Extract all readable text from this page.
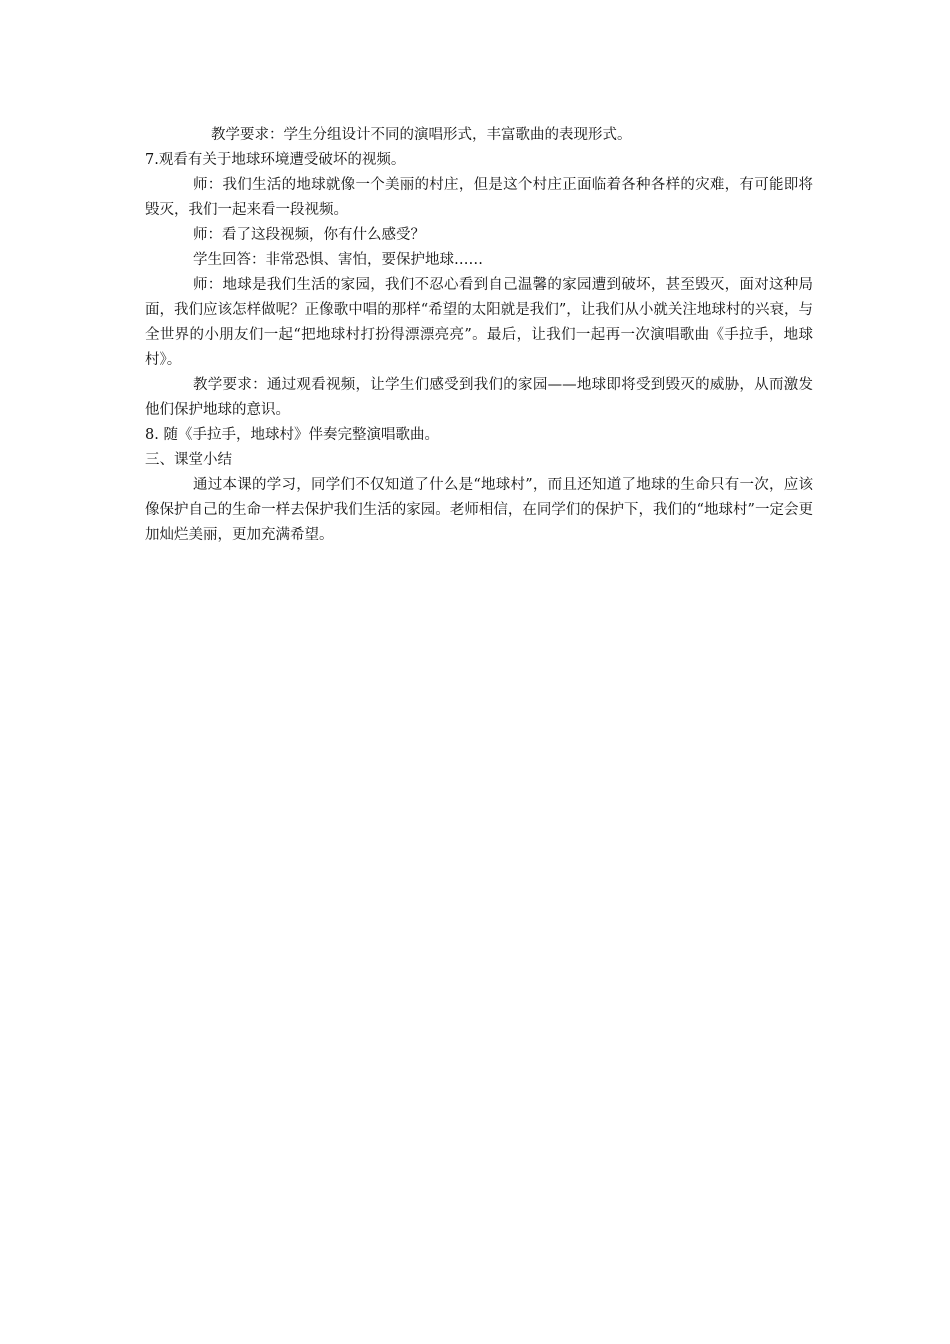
教学要求：学生分组设计不同的演唱形式，丰富歌曲的表现形式。

7.观看有关于地球环境遭受破坏的视频。

师：我们生活的地球就像一个美丽的村庄，但是这个村庄正面临着各种各样的灾难，有可能即将毁灭，我们一起来看一段视频。

师：看了这段视频，你有什么感受？

学生回答：非常恐惧、害怕，要保护地球……

师：地球是我们生活的家园，我们不忍心看到自己温馨的家园遭到破坏，甚至毁灭，面对这种局面，我们应该怎样做呢？正像歌中唱的那样“希望的太阳就是我们”，让我们从小就关注地球村的兴衰，与全世界的小朋友们一起“把地球村打扮得漂漂亮亮”。最后，让我们一起再一次演唱歌曲《手拉手，地球村》。

教学要求：通过观看视频，让学生们感受到我们的家园——地球即将受到毁灭的威胁，从而激发他们保护地球的意识。

8. 随《手拉手，地球村》伴奏完整演唱歌曲。

三、课堂小结

通过本课的学习，同学们不仅知道了什么是“地球村”，而且还知道了地球的生命只有一次，应该像保护自己的生命一样去保护我们生活的家园。老师相信，在同学们的保护下，我们的“地球村”一定会更加灿烂美丽，更加充满希望。
